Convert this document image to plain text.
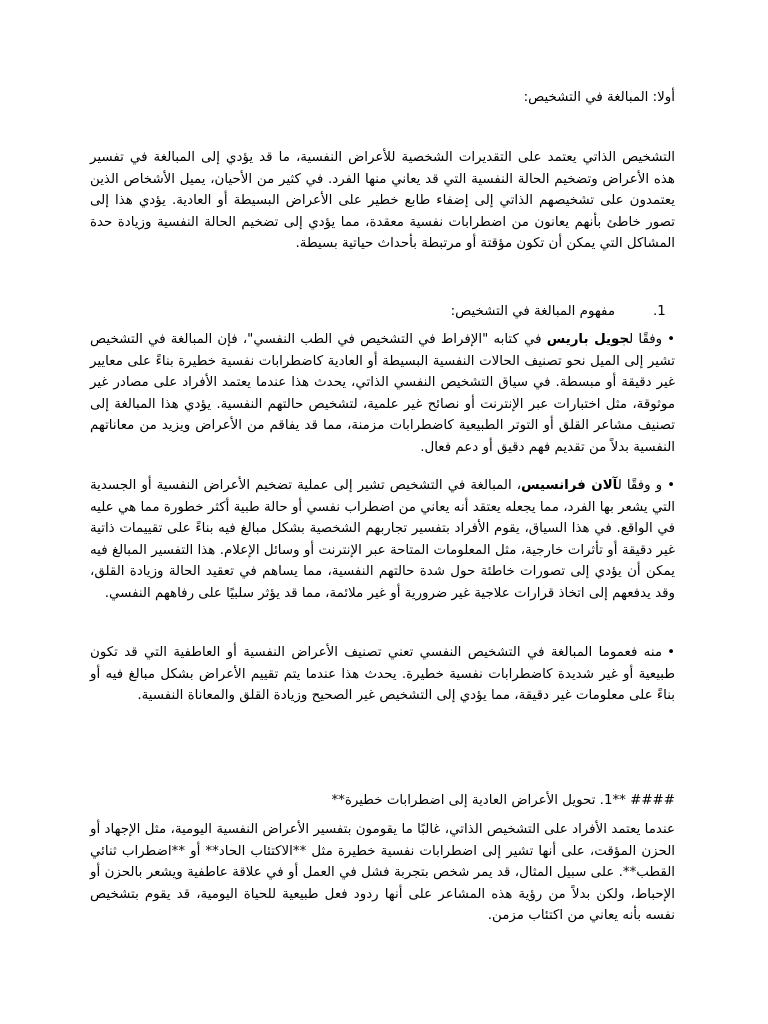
أولا: المبالغة في التشخيص:
التشخيص الذاتي يعتمد على التقديرات الشخصية للأعراض النفسية، ما قد يؤدي إلى المبالغة في تفسير هذه الأعراض وتضخيم الحالة النفسية التي قد يعاني منها الفرد. في كثير من الأحيان، يميل الأشخاص الذين يعتمدون على تشخيصهم الذاتي إلى إضفاء طابع خطير على الأعراض البسيطة أو العادية. يؤدي هذا إلى تصور خاطئ بأنهم يعانون من اضطرابات نفسية معقدة، مما يؤدي إلى تضخيم الحالة النفسية وزيادة حدة المشاكل التي يمكن أن تكون مؤقتة أو مرتبطة بأحداث حياتية بسيطة.
1.مفهوم المبالغة في التشخيص:
•وفقًا لجويل باريس في كتابه "الإفراط في التشخيص في الطب النفسي"، فإن المبالغة في التشخيص تشير إلى الميل نحو تصنيف الحالات النفسية البسيطة أو العادية كاضطرابات نفسية خطيرة بناءً على معايير غير دقيقة أو مبسطة. في سياق التشخيص النفسي الذاتي، يحدث هذا عندما يعتمد الأفراد على مصادر غير موثوقة، مثل اختبارات عبر الإنترنت أو نصائح غير علمية، لتشخيص حالتهم النفسية. يؤدي هذا المبالغة إلى تصنيف مشاعر القلق أو التوتر الطبيعية كاضطرابات مزمنة، مما قد يفاقم من الأعراض ويزيد من معاناتهم النفسية بدلاً من تقديم فهم دقيق أو دعم فعال.
•و وفقًا لآلان فرانسيس، المبالغة في التشخيص تشير إلى عملية تضخيم الأعراض النفسية أو الجسدية التي يشعر بها الفرد، مما يجعله يعتقد أنه يعاني من اضطراب نفسي أو حالة طبية أكثر خطورة مما هي عليه في الواقع. في هذا السياق، يقوم الأفراد بتفسير تجاربهم الشخصية بشكل مبالغ فيه بناءً على تقييمات ذاتية غير دقيقة أو تأثرات خارجية، مثل المعلومات المتاحة عبر الإنترنت أو وسائل الإعلام. هذا التفسير المبالغ فيه يمكن أن يؤدي إلى تصورات خاطئة حول شدة حالتهم النفسية، مما يساهم في تعقيد الحالة وزيادة القلق، وقد يدفعهم إلى اتخاذ قرارات علاجية غير ضرورية أو غير ملائمة، مما قد يؤثر سلبيًا على رفاههم النفسي.
•منه فعموما المبالغة في التشخيص النفسي تعني تصنيف الأعراض النفسية أو العاطفية التي قد تكون طبيعية أو غير شديدة كاضطرابات نفسية خطيرة. يحدث هذا عندما يتم تقييم الأعراض بشكل مبالغ فيه أو بناءً على معلومات غير دقيقة، مما يؤدي إلى التشخيص غير الصحيح وزيادة القلق والمعاناة النفسية.
#### **1. تحويل الأعراض العادية إلى اضطرابات خطيرة**
عندما يعتمد الأفراد على التشخيص الذاتي، غالبًا ما يقومون بتفسير الأعراض النفسية اليومية، مثل الإجهاد أو الحزن المؤقت، على أنها تشير إلى اضطرابات نفسية خطيرة مثل **الاكتئاب الحاد** أو **اضطراب ثنائي القطب**. على سبيل المثال، قد يمر شخص بتجربة فشل في العمل أو في علاقة عاطفية ويشعر بالحزن أو الإحباط، ولكن بدلاً من رؤية هذه المشاعر على أنها ردود فعل طبيعية للحياة اليومية، قد يقوم بتشخيص نفسه بأنه يعاني من اكتئاب مزمن.
